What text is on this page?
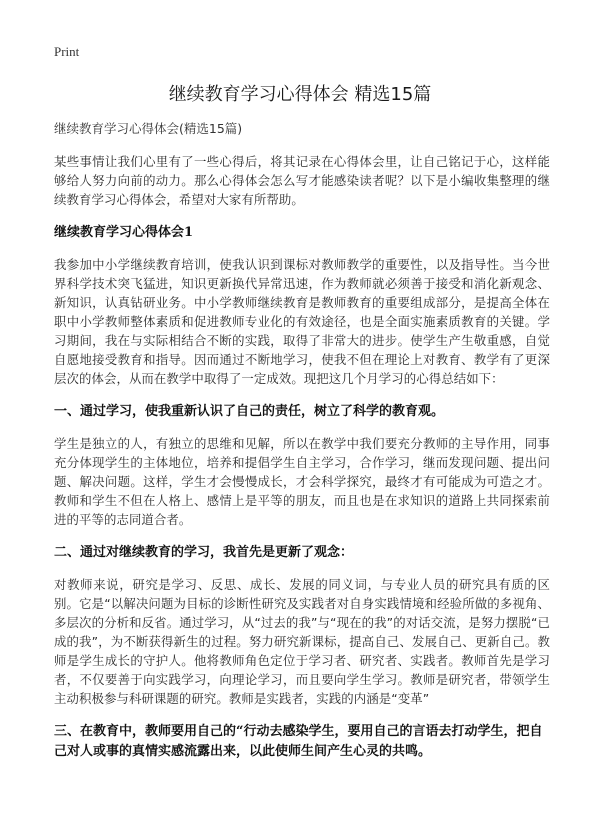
Print
继续教育学习心得体会 精选15篇

继续教育学习心得体会(精选15篇)

某些事情让我们心里有了一些心得后，将其记录在心得体会里，让自己铭记于心，这样能够给人努力向前的动力。那么心得体会怎么写才能感染读者呢？以下是小编收集整理的继续教育学习心得体会，希望对大家有所帮助。

继续教育学习心得体会1

我参加中小学继续教育培训，使我认识到课标对教师教学的重要性，以及指导性。当今世界科学技术突飞猛进，知识更新换代异常迅速，作为教师就必须善于接受和消化新观念、新知识，认真钻研业务。中小学教师继续教育是教师教育的重要组成部分，是提高全体在职中小学教师整体素质和促进教师专业化的有效途径，也是全面实施素质教育的关键。学习期间，我在与实际相结合不断的实践，取得了非常大的进步。使学生产生敬重感，自觉自愿地接受教育和指导。因而通过不断地学习，使我不但在理论上对教育、教学有了更深层次的体会，从而在教学中取得了一定成效。现把这几个月学习的心得总结如下：

一、通过学习，使我重新认识了自己的责任，树立了科学的教育观。

学生是独立的人，有独立的思维和见解，所以在教学中我们要充分教师的主导作用，同事充分体现学生的主体地位，培养和提倡学生自主学习，合作学习，继而发现问题、提出问题、解决问题。这样，学生才会慢慢成长，才会科学探究，最终才有可能成为可造之才。教师和学生不但在人格上、感情上是平等的朋友，而且也是在求知识的道路上共同探索前进的平等的志同道合者。

二、通过对继续教育的学习，我首先是更新了观念：

对教师来说，研究是学习、反思、成长、发展的同义词，与专业人员的研究具有质的区别。它是“以解决问题为目标的诊断性研究及实践者对自身实践情境和经验所做的多视角、多层次的分析和反省。通过学习，从“过去的我”与“现在的我”的对话交流，是努力摆脱“已成的我”，为不断获得新生的过程。努力研究新课标，提高自己、发展自己、更新自己。教师是学生成长的守护人。他将教师角色定位于学习者、研究者、实践者。教师首先是学习者，不仅要善于向实践学习，向理论学习，而且要向学生学习。教师是研究者，带领学生主动积极参与科研课题的研究。教师是实践者，实践的内涵是“变革”

三、在教育中，教师要用自己的“行动去感染学生，要用自己的言语去打动学生，把自己对人或事的真情实感流露出来，以此使师生间产生心灵的共鸣。
